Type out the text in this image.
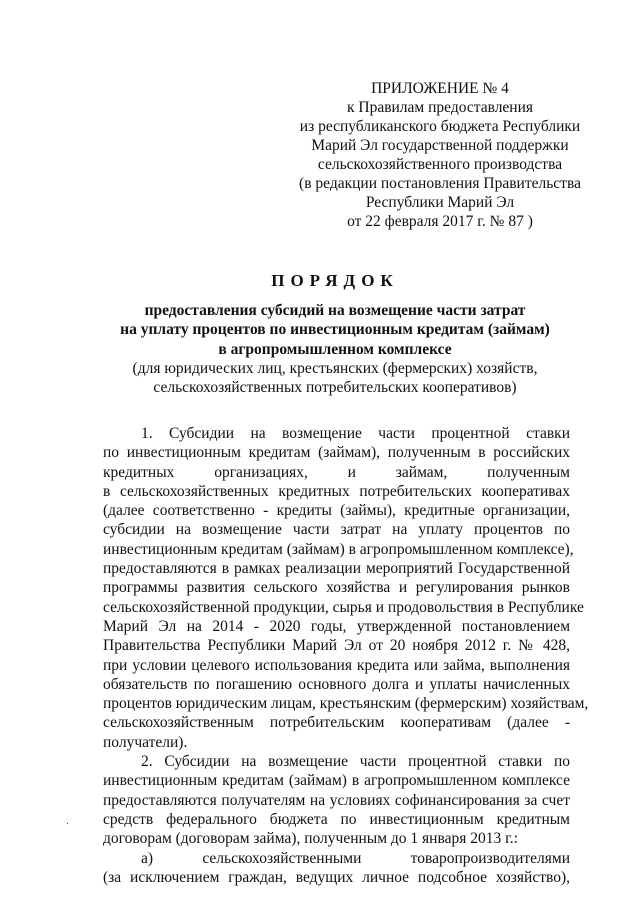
ПРИЛОЖЕНИЕ № 4
к Правилам предоставления
из республиканского бюджета Республики
Марий Эл государственной поддержки
сельскохозяйственного производства
(в редакции постановления Правительства
Республики Марий Эл
от 22 февраля 2017 г. № 87 )
ПОРЯДОК
предоставления субсидий на возмещение части затрат
на уплату процентов по инвестиционным кредитам (займам)
в агропромышленном комплексе
(для юридических лиц, крестьянских (фермерских) хозяйств,
сельскохозяйственных потребительских кооперативов)
1. Субсидии на возмещение части процентной ставки
по инвестиционным кредитам (займам), полученным в российских
кредитных организациях, и займам, полученным
в сельскохозяйственных кредитных потребительских кооперативах
(далее соответственно - кредиты (займы), кредитные организации,
субсидии на возмещение части затрат на уплату процентов по
инвестиционным кредитам (займам) в агропромышленном комплексе),
предоставляются в рамках реализации мероприятий Государственной
программы развития сельского хозяйства и регулирования рынков
сельскохозяйственной продукции, сырья и продовольствия в Республике
Марий Эл на 2014 - 2020 годы, утвержденной постановлением
Правительства Республики Марий Эл от 20 ноября 2012 г. № 428,
при условии целевого использования кредита или займа, выполнения
обязательств по погашению основного долга и уплаты начисленных
процентов юридическим лицам, крестьянским (фермерским) хозяйствам,
сельскохозяйственным потребительским кооперативам (далее -
получатели).
2. Субсидии на возмещение части процентной ставки по
инвестиционным кредитам (займам) в агропромышленном комплексе
предоставляются получателям на условиях софинансирования за счет
средств федерального бюджета по инвестиционным кредитным
договорам (договорам займа), полученным до 1 января 2013 г.:
а) сельскохозяйственными товаропроизводителями
(за исключением граждан, ведущих личное подсобное хозяйство),
.
